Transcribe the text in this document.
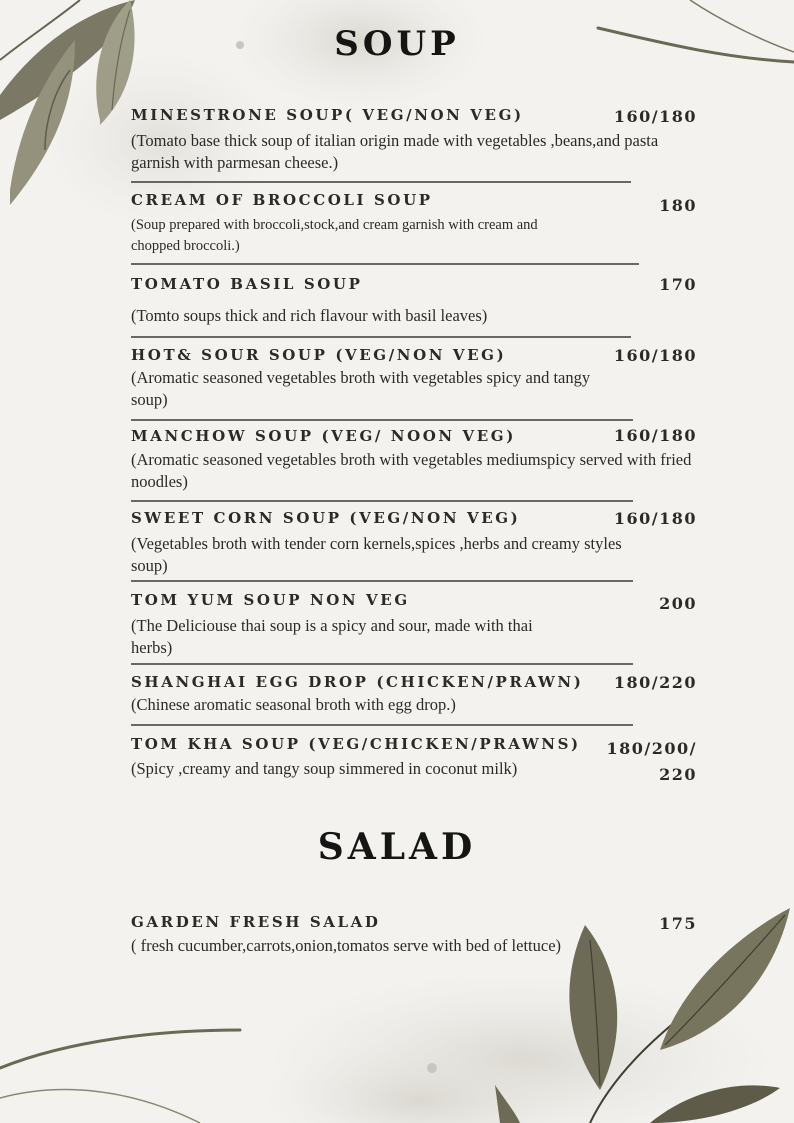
SOUP
MINESTRONE SOUP( VEG/NON VEG)	160/180
(Tomato base thick soup of italian origin made with vegetables ,beans,and pasta garnish with parmesan cheese.)
CREAM OF BROCCOLI SOUP	180
(Soup prepared with broccoli,stock,and cream garnish with cream and chopped broccoli.)
TOMATO BASIL SOUP	170
(Tomto soups thick and rich flavour with basil leaves)
HOT& SOUR SOUP (VEG/NON VEG)	160/180
(Aromatic seasoned vegetables broth with vegetables spicy and tangy soup)
MANCHOW SOUP (VEG/ NOON VEG)	160/180
(Aromatic seasoned vegetables broth with vegetables mediumspicy served with fried noodles)
SWEET CORN SOUP (VEG/NON VEG)	160/180
(Vegetables broth with tender corn kernels,spices ,herbs and creamy styles soup)
TOM YUM SOUP NON VEG	200
(The Deliciouse thai soup is a spicy and sour, made with thai herbs)
SHANGHAI EGG DROP (CHICKEN/PRAWN) 180/220
(Chinese aromatic seasonal broth with egg drop.)
TOM KHA SOUP (VEG/CHICKEN/PRAWNS) 180/200/
220
(Spicy ,creamy and tangy soup simmered in coconut milk)
SALAD
GARDEN FRESH SALAD	175
( fresh cucumber,carrots,onion,tomatos serve with bed of lettuce)
